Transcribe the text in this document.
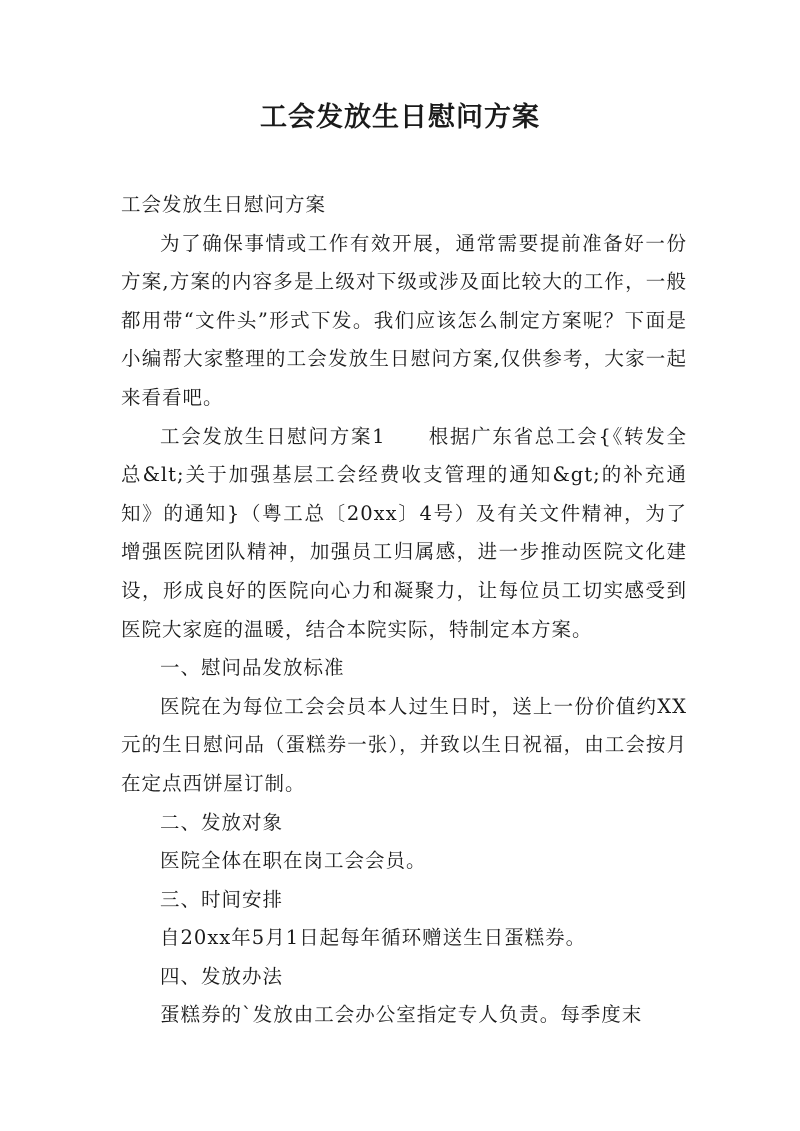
工会发放生日慰问方案

工会发放生日慰问方案

为了确保事情或工作有效开展，通常需要提前准备好一份方案,方案的内容多是上级对下级或涉及面比较大的工作，一般都用带“文件头”形式下发。我们应该怎么制定方案呢？下面是小编帮大家整理的工会发放生日慰问方案,仅供参考，大家一起来看看吧。

工会发放生日慰问方案1　　根据广东省总工会{《转发全总&lt;关于加强基层工会经费收支管理的通知&gt;的补充通知》的通知}（粤工总〔20xx〕4号）及有关文件精神，为了增强医院团队精神，加强员工归属感，进一步推动医院文化建设，形成良好的医院向心力和凝聚力，让每位员工切实感受到医院大家庭的温暖，结合本院实际，特制定本方案。

一、慰问品发放标准

医院在为每位工会会员本人过生日时，送上一份价值约XX元的生日慰问品（蛋糕券一张），并致以生日祝福，由工会按月在定点西饼屋订制。

二、发放对象

医院全体在职在岗工会会员。

三、时间安排

自20xx年5月1日起每年循环赠送生日蛋糕券。

四、发放办法

蛋糕券的`发放由工会办公室指定专人负责。每季度末
